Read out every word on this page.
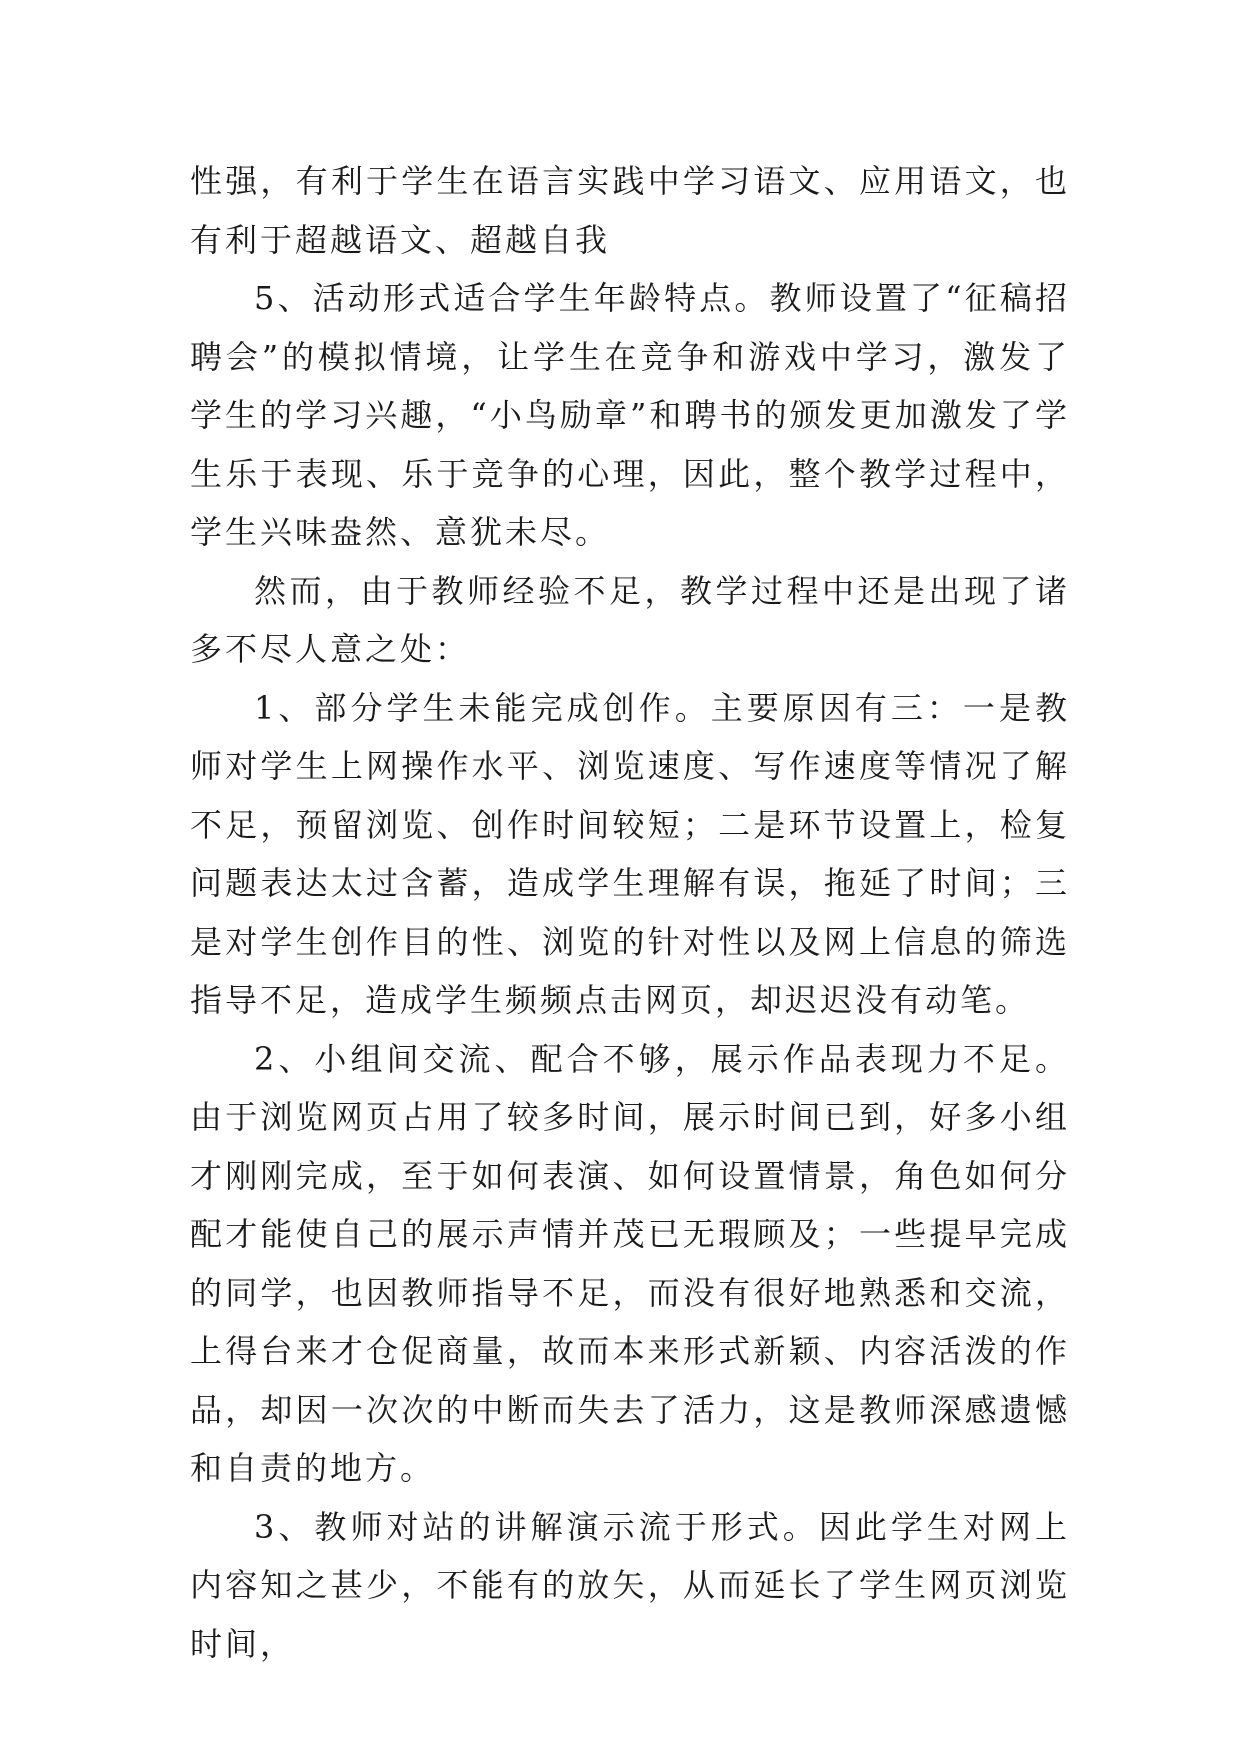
性强，有利于学生在语言实践中学习语文、应用语文，也有利于超越语文、超越自我

5、活动形式适合学生年龄特点。教师设置了“征稿招聘会”的模拟情境，让学生在竞争和游戏中学习，激发了学生的学习兴趣，“小鸟励章”和聘书的颁发更加激发了学生乐于表现、乐于竞争的心理，因此，整个教学过程中，学生兴味盎然、意犹未尽。

然而，由于教师经验不足，教学过程中还是出现了诸多不尽人意之处：

1、部分学生未能完成创作。主要原因有三：一是教师对学生上网操作水平、浏览速度、写作速度等情况了解不足，预留浏览、创作时间较短；二是环节设置上，检复问题表达太过含蓄，造成学生理解有误，拖延了时间；三是对学生创作目的性、浏览的针对性以及网上信息的筛选指导不足，造成学生频频点击网页，却迟迟没有动笔。

2、小组间交流、配合不够，展示作品表现力不足。由于浏览网页占用了较多时间，展示时间已到，好多小组才刚刚完成，至于如何表演、如何设置情景，角色如何分配才能使自己的展示声情并茂已无瑕顾及；一些提早完成的同学，也因教师指导不足，而没有很好地熟悉和交流，上得台来才仓促商量，故而本来形式新颖、内容活泼的作品，却因一次次的中断而失去了活力，这是教师深感遗憾和自责的地方。

3、教师对站的讲解演示流于形式。因此学生对网上内容知之甚少，不能有的放矢，从而延长了学生网页浏览时间，
